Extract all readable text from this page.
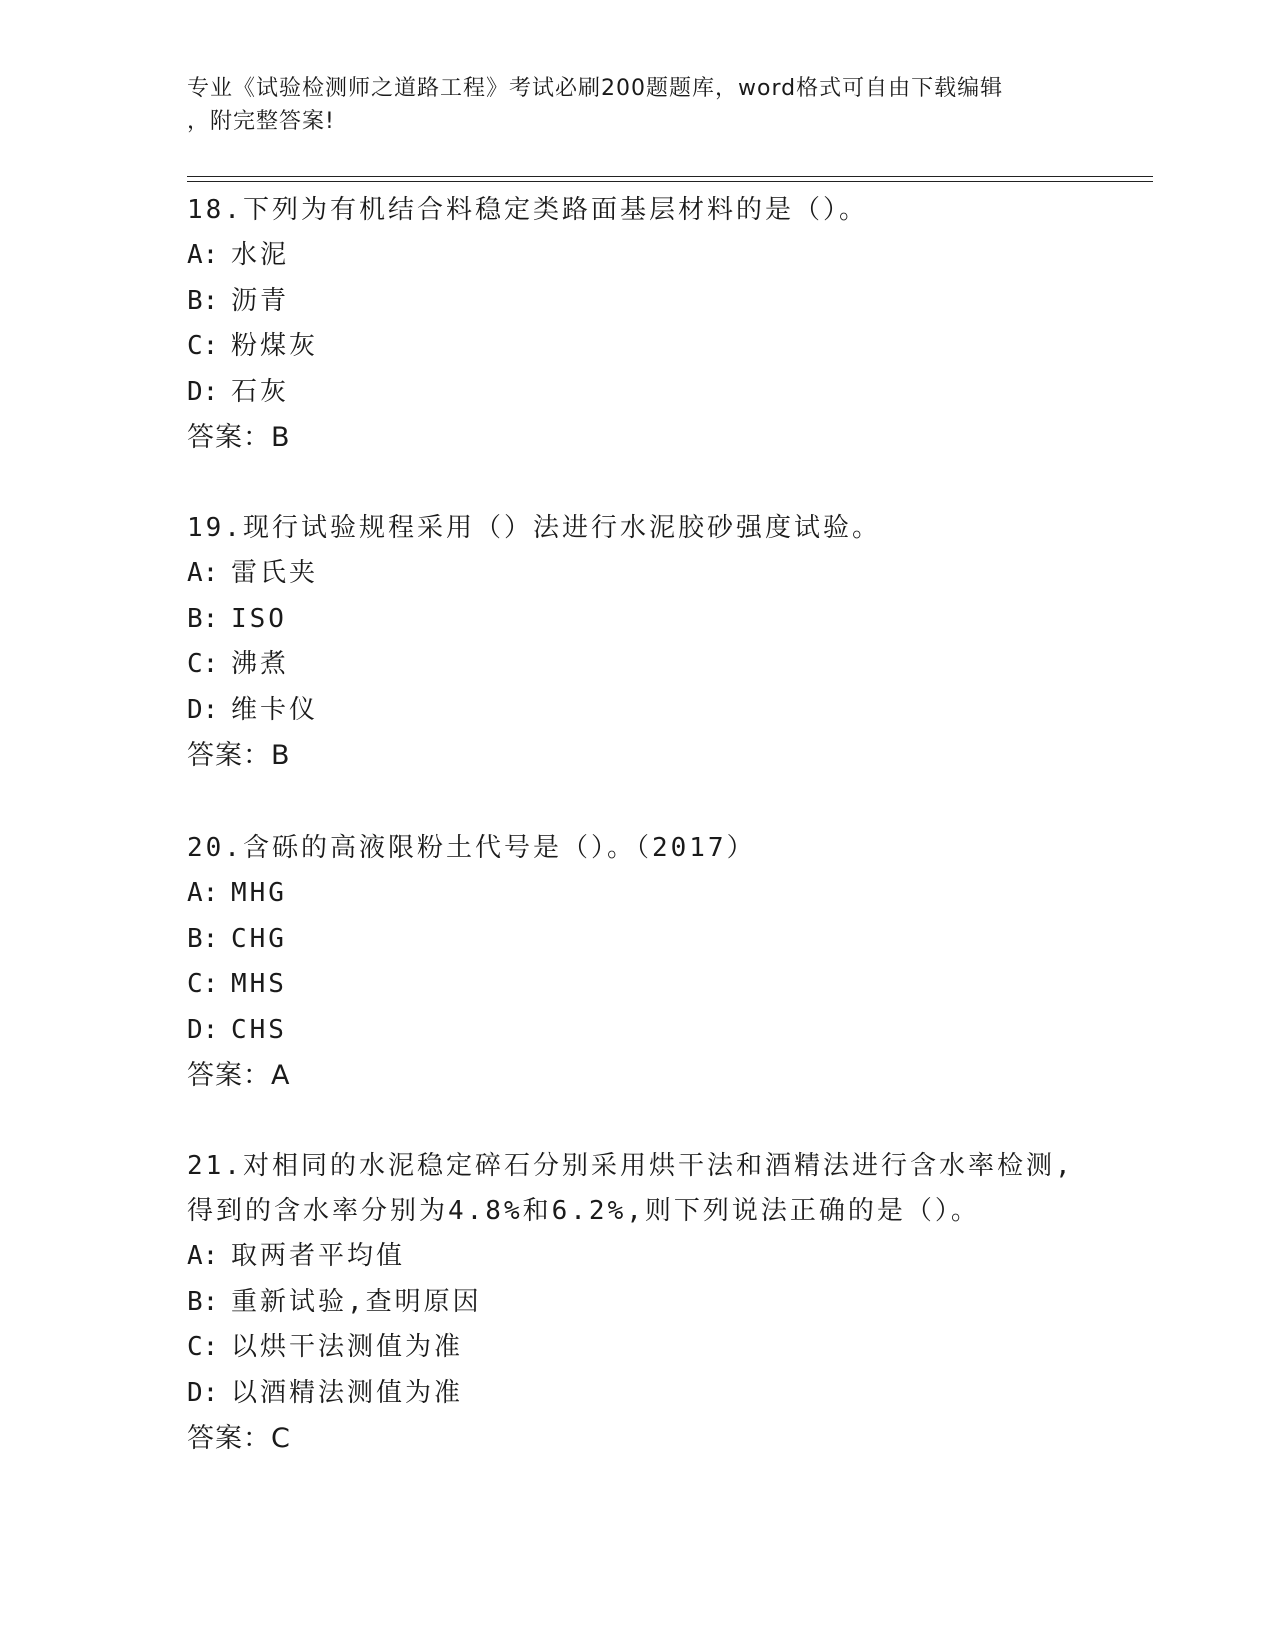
专业《试验检测师之道路工程》考试必刷200题题库，word格式可自由下载编辑
，附完整答案!

18.下列为有机结合料稳定类路面基层材料的是（）。

A: 水泥

B: 沥青

C: 粉煤灰

D: 石灰

答案：B

19.现行试验规程采用（）法进行水泥胶砂强度试验。

A: 雷氏夹

B: ISO

C: 沸煮

D: 维卡仪

答案：B

20.含砾的高液限粉土代号是（）。（2017）

A: MHG

B: CHG

C: MHS

D: CHS

答案：A

21.对相同的水泥稳定碎石分别采用烘干法和酒精法进行含水率检测,

得到的含水率分别为4.8%和6.2%,则下列说法正确的是（）。

A: 取两者平均值

B: 重新试验,查明原因

C: 以烘干法测值为准

D: 以酒精法测值为准

答案：C
